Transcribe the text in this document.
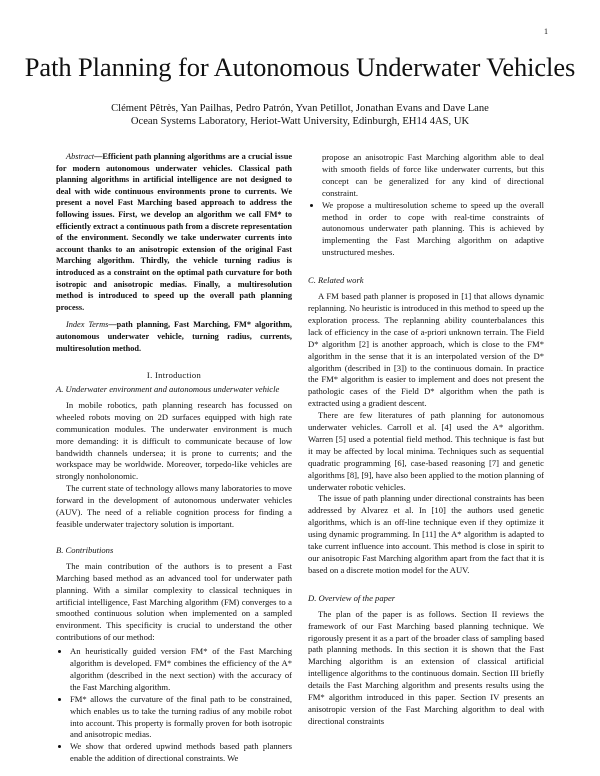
1
Path Planning for Autonomous Underwater Vehicles
Clément Pêtrès, Yan Pailhas, Pedro Patrón, Yvan Petillot, Jonathan Evans and Dave Lane
Ocean Systems Laboratory, Heriot-Watt University, Edinburgh, EH14 4AS, UK

Abstract—Efficient path planning algorithms are a crucial issue for modern autonomous underwater vehicles. Classical path planning algorithms in artificial intelligence are not designed to deal with wide continuous environments prone to currents. We present a novel Fast Marching based approach to address the following issues. First, we develop an algorithm we call FM* to efficiently extract a continuous path from a discrete representation of the environment. Secondly we take underwater currents into account thanks to an anisotropic extension of the original Fast Marching algorithm. Thirdly, the vehicle turning radius is introduced as a constraint on the optimal path curvature for both isotropic and anisotropic medias. Finally, a multiresolution method is introduced to speed up the overall path planning process.

Index Terms—path planning, Fast Marching, FM* algorithm, autonomous underwater vehicle, turning radius, currents, multiresolution method.

I. Introduction
A. Underwater environment and autonomous underwater vehicle

In mobile robotics, path planning research has focussed on wheeled robots moving on 2D surfaces equipped with high rate communication modules. The underwater environment is much more demanding: it is difficult to communicate because of low bandwidth channels undersea; it is prone to currents; and the workspace may be worldwide. Moreover, torpedo-like vehicles are strongly nonholonomic.

The current state of technology allows many laboratories to move forward in the development of autonomous underwater vehicles (AUV). The need of a reliable cognition process for finding a feasible underwater trajectory solution is important.

B. Contributions

The main contribution of the authors is to present a Fast Marching based method as an advanced tool for underwater path planning. With a similar complexity to classical techniques in artificial intelligence, Fast Marching algorithm (FM) converges to a smoothed continuous solution when implemented on a sampled environment. This specificity is crucial to understand the other contributions of our method:

• An heuristically guided version FM* of the Fast Marching algorithm is developed. FM* combines the efficiency of the A* algorithm (described in the next section) with the accuracy of the Fast Marching algorithm.
• FM* allows the curvature of the final path to be constrained, which enables us to take the turning radius of any mobile robot into account. This property is formally proven for both isotropic and anisotropic medias.
• We show that ordered upwind methods based path planners enable the addition of directional constraints. We

propose an anisotropic Fast Marching algorithm able to deal with smooth fields of force like underwater currents, but this concept can be generalized for any kind of directional constraint.

• We propose a multiresolution scheme to speed up the overall method in order to cope with real-time constraints of autonomous underwater path planning. This is achieved by implementing the Fast Marching algorithm on adaptive unstructured meshes.
C. Related work

A FM based path planner is proposed in [1] that allows dynamic replanning. No heuristic is introduced in this method to speed up the exploration process. The replanning ability counterbalances this lack of efficiency in the case of a-priori unknown terrain. The Field D* algorithm [2] is another approach, which is close to the FM* algorithm in the sense that it is an interpolated version of the D* algorithm (described in [3]) to the continuous domain. In practice the FM* algorithm is easier to implement and does not present the pathologic cases of the Field D* algorithm when the path is extracted using a gradient descent.

There are few literatures of path planning for autonomous underwater vehicles. Carroll et al. [4] used the A* algorithm. Warren [5] used a potential field method. This technique is fast but it may be affected by local minima. Techniques such as sequential quadratic programming [6], case-based reasoning [7] and genetic algorithms [8], [9], have also been applied to the motion planning of underwater robotic vehicles.

The issue of path planning under directional constraints has been addressed by Alvarez et al. In [10] the authors used genetic algorithms, which is an off-line technique even if they optimize it using dynamic programming. In [11] the A* algorithm is adapted to take current influence into account. This method is close in spirit to our anisotropic Fast Marching algorithm apart from the fact that it is based on a discrete motion model for the AUV.

D. Overview of the paper

The plan of the paper is as follows. Section II reviews the framework of our Fast Marching based planning technique. We rigorously present it as a part of the broader class of sampling based path planning methods. In this section it is shown that the Fast Marching algorithm is an extension of classical artificial intelligence algorithms to the continuous domain. Section III briefly details the Fast Marching algorithm and presents results using the FM* algorithm introduced in this paper. Section IV presents an anisotropic version of the Fast Marching algorithm to deal with directional constraints
